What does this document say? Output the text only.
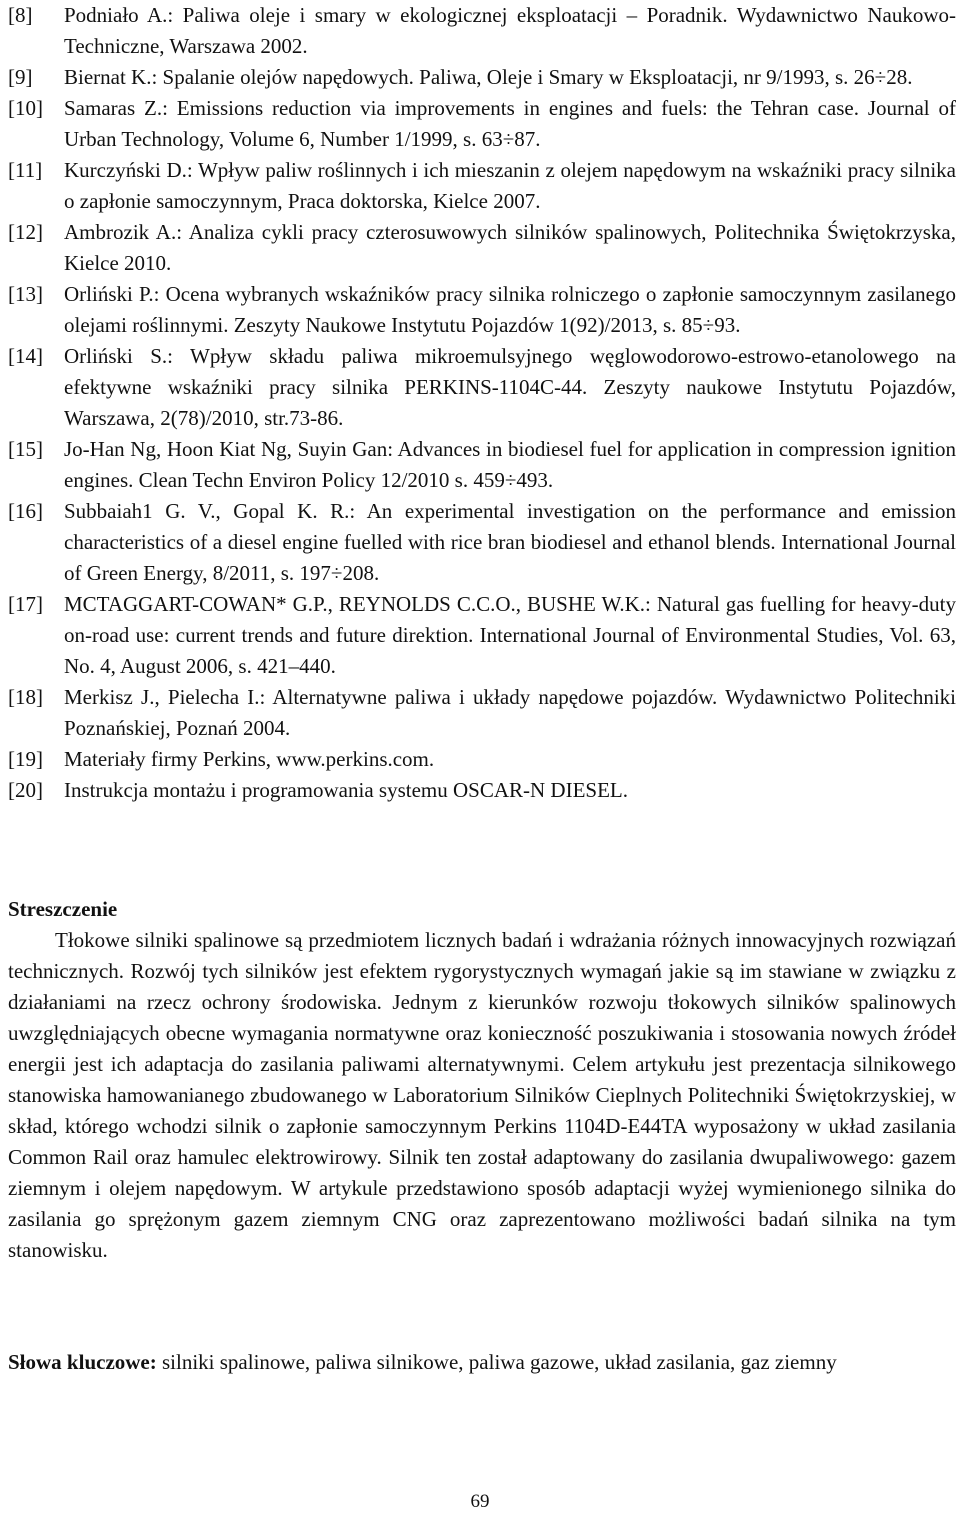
[8]	Podniało A.: Paliwa oleje i smary w ekologicznej eksploatacji – Poradnik. Wydawnictwo Naukowo-Techniczne, Warszawa 2002.
[9]	Biernat K.: Spalanie olejów napędowych. Paliwa, Oleje i Smary w Eksploatacji, nr 9/1993, s. 26÷28.
[10]	Samaras Z.: Emissions reduction via improvements in engines and fuels: the Tehran case. Journal of Urban Technology, Volume 6, Number 1/1999, s. 63÷87.
[11]	Kurczyński D.: Wpływ paliw roślinnych i ich mieszanin z olejem napędowym na wskaźniki pracy silnika o zapłonie samoczynnym, Praca doktorska, Kielce 2007.
[12]	Ambrozik A.: Analiza cykli pracy czterosuwowych silników spalinowych, Politechnika Świętokrzyska, Kielce 2010.
[13]	Orliński P.: Ocena wybranych wskaźników pracy silnika rolniczego o zapłonie samoczynnym zasilanego olejami roślinnymi. Zeszyty Naukowe Instytutu Pojazdów 1(92)/2013, s. 85÷93.
[14]	Orliński S.: Wpływ składu paliwa mikroemulsyjnego węglowodorowo-estrowo-etanolowego na efektywne wskaźniki pracy silnika PERKINS-1104C-44. Zeszyty naukowe Instytutu Pojazdów, Warszawa, 2(78)/2010, str.73-86.
[15]	Jo-Han Ng, Hoon Kiat Ng, Suyin Gan: Advances in biodiesel fuel for application in compression ignition engines. Clean Techn Environ Policy 12/2010 s. 459÷493.
[16]	Subbaiah1 G. V., Gopal K. R.: An experimental investigation on the performance and emission characteristics of a diesel engine fuelled with rice bran biodiesel and ethanol blends. International Journal of Green Energy, 8/2011, s. 197÷208.
[17]	MCTAGGART-COWAN* G.P., REYNOLDS C.C.O., BUSHE W.K.: Natural gas fuelling for heavy-duty on-road use: current trends and future direktion. International Journal of Environmental Studies, Vol. 63, No. 4, August 2006, s. 421–440.
[18]	Merkisz J., Pielecha I.: Alternatywne paliwa i układy napędowe pojazdów. Wydawnictwo Politechniki Poznańskiej, Poznań 2004.
[19]	Materiały firmy Perkins, www.perkins.com.
[20]	Instrukcja montażu i programowania systemu OSCAR-N DIESEL.

Streszczenie

Tłokowe silniki spalinowe są przedmiotem licznych badań i wdrażania różnych innowacyjnych rozwiązań technicznych. Rozwój tych silników jest efektem rygorystycznych wymagań jakie są im stawiane w związku z działaniami na rzecz ochrony środowiska. Jednym z kierunków rozwoju tłokowych silników spalinowych uwzględniających obecne wymagania normatywne oraz konieczność poszukiwania i stosowania nowych źródeł energii jest ich adaptacja do zasilania paliwami alternatywnymi. Celem artykułu jest prezentacja silnikowego stanowiska hamowanianego zbudowanego w Laboratorium Silników Cieplnych Politechniki Świętokrzyskiej, w skład, którego wchodzi silnik o zapłonie samoczynnym Perkins 1104D-E44TA wyposażony w układ zasilania Common Rail oraz hamulec elektrowirowy. Silnik ten został adaptowany do zasilania dwupaliwowego: gazem ziemnym i olejem napędowym. W artykule przedstawiono sposób adaptacji wyżej wymienionego silnika do zasilania go sprężonym gazem ziemnym CNG oraz zaprezentowano możliwości badań silnika na tym stanowisku.

Słowa kluczowe: silniki spalinowe, paliwa silnikowe, paliwa gazowe, układ zasilania, gaz ziemny
69
